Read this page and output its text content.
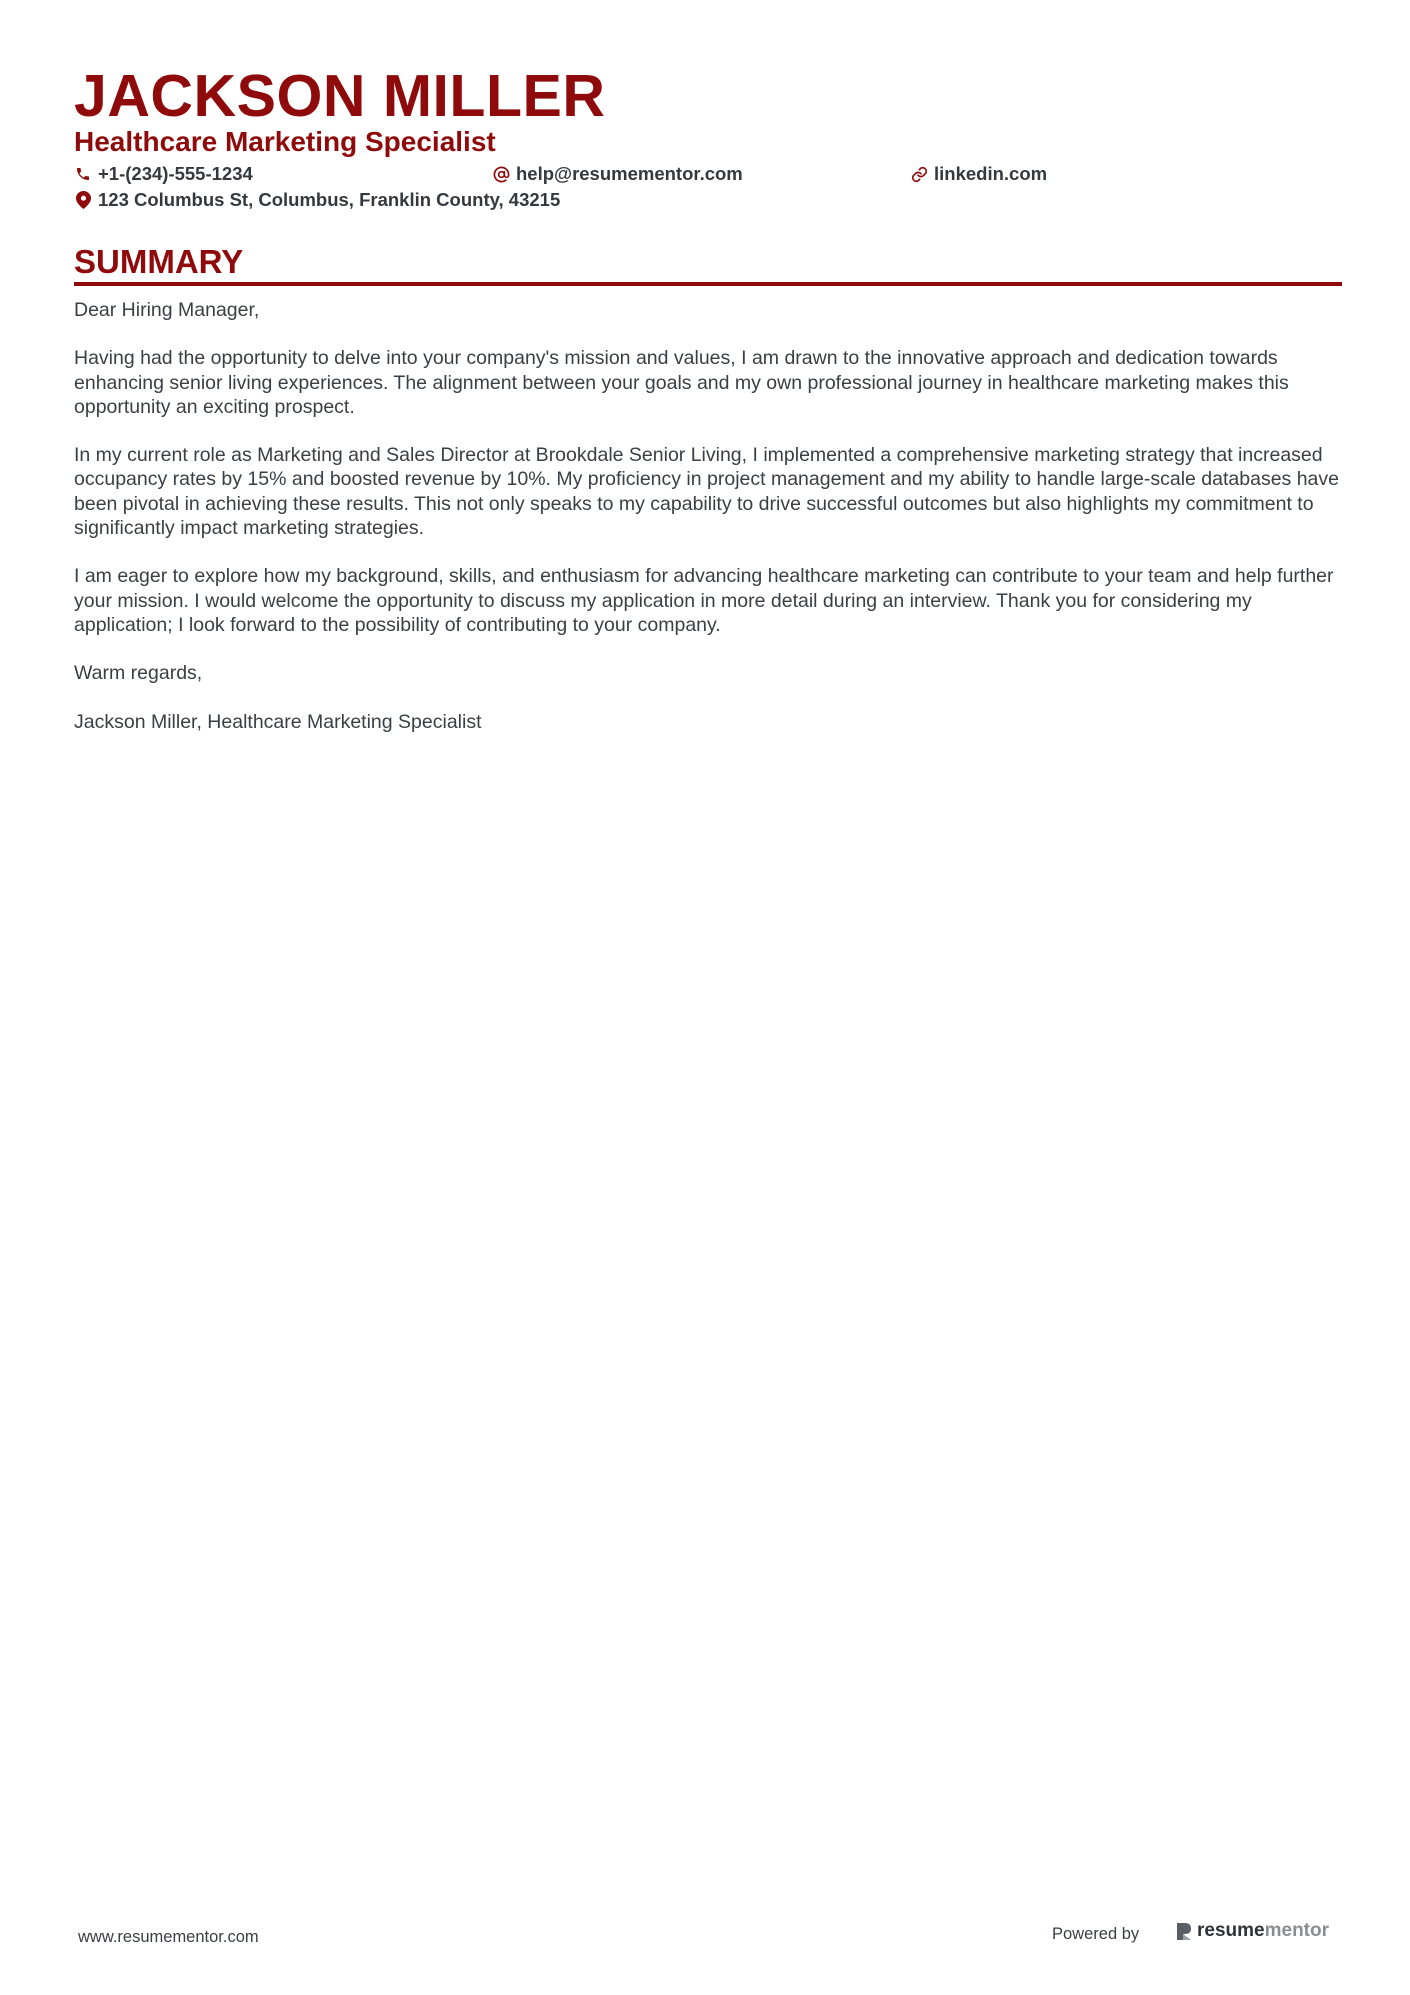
JACKSON MILLER
Healthcare Marketing Specialist
+1-(234)-555-1234	help@resumementor.com	linkedin.com
123 Columbus St, Columbus, Franklin County, 43215
SUMMARY

Dear Hiring Manager,

Having had the opportunity to delve into your company's mission and values, I am drawn to the innovative approach and dedication towards enhancing senior living experiences. The alignment between your goals and my own professional journey in healthcare marketing makes this opportunity an exciting prospect.

In my current role as Marketing and Sales Director at Brookdale Senior Living, I implemented a comprehensive marketing strategy that increased occupancy rates by 15% and boosted revenue by 10%. My proficiency in project management and my ability to handle large-scale databases have been pivotal in achieving these results. This not only speaks to my capability to drive successful outcomes but also highlights my commitment to significantly impact marketing strategies.

I am eager to explore how my background, skills, and enthusiasm for advancing healthcare marketing can contribute to your team and help further your mission. I would welcome the opportunity to discuss my application in more detail during an interview. Thank you for considering my application; I look forward to the possibility of contributing to your company.

Warm regards,

Jackson Miller, Healthcare Marketing Specialist

www.resumementor.com	Powered by	resume mentor
